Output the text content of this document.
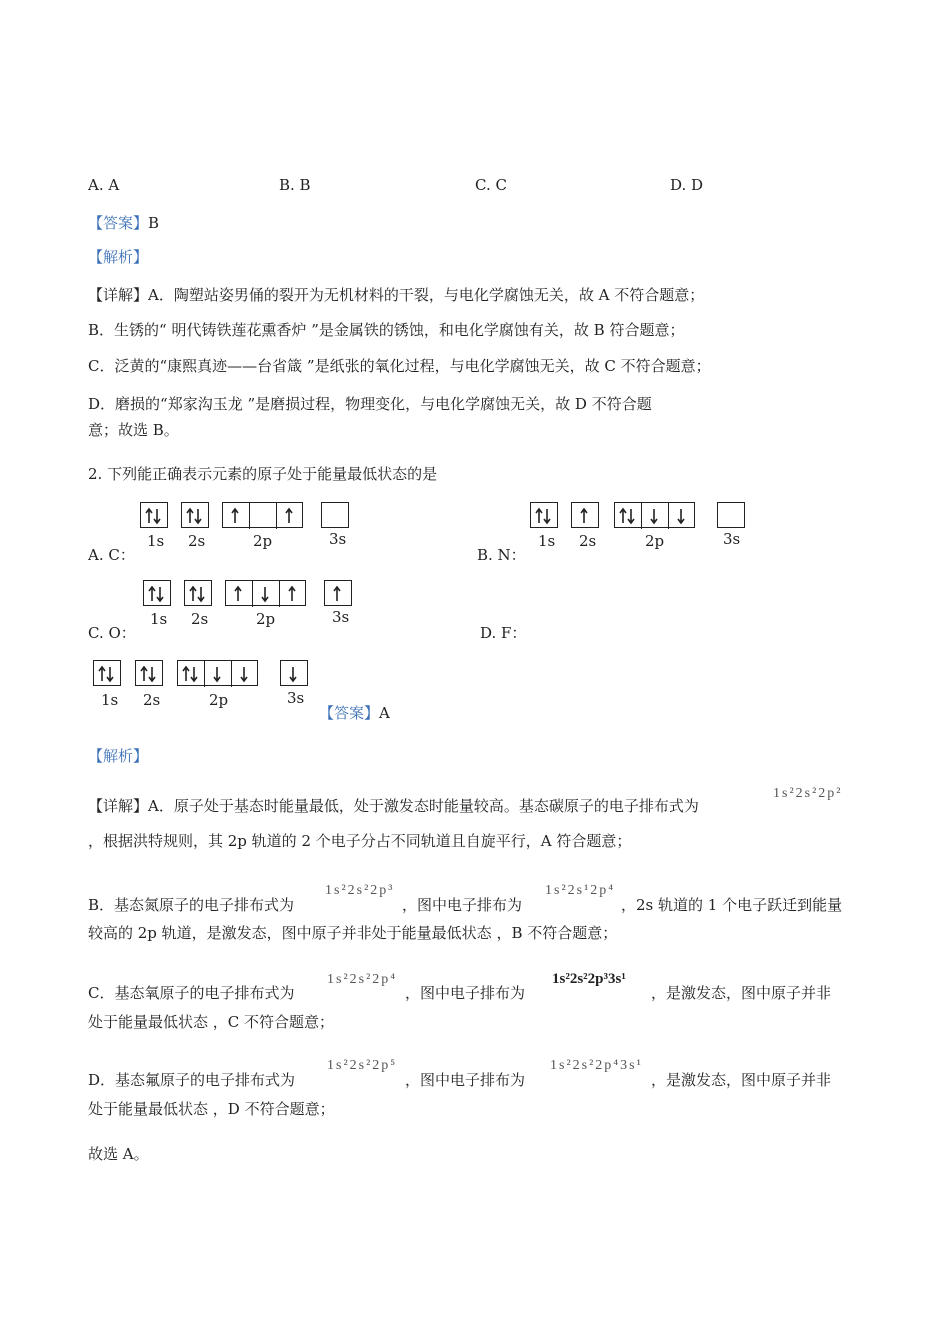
A. A	B. B	C. C	D. D
【答案】B
【解析】
【详解】A．陶塑站姿男俑的裂开为无机材料的干裂，与电化学腐蚀无关，故 A 不符合题意；
B．生锈的“ 明代铸铁莲花熏香炉 ”是金属铁的锈蚀，和电化学腐蚀有关，故 B 符合题意；
C．泛黄的“康熙真迹——台省箴 ”是纸张的氧化过程，与电化学腐蚀无关，故 C 不符合题意；
D．磨损的“郑家沟玉龙 ”是磨损过程，物理变化，与电化学腐蚀无关，故 D 不符合题
意；故选 B。
2. 下列能正确表示元素的原子处于能量最低状态的是
1s 2s	2p	3s
A. C：
1s 2s	2p	3s
B. N：
1s 2s	2p	3s
C. O：	D. F：
1s 2s	2p	3s
【答案】A
【解析】
【详解】A．原子处于基态时能量最低，处于激发态时能量较高。基态碳原子的电子排布式为
1s²2s²2p²
，根据洪特规则，其 2p 轨道的 2 个电子分占不同轨道且自旋平行，A 符合题意；
B．基态氮原子的电子排布式为
1s²2s²2p³
，图中电子排布为
1s²2s¹2p⁴
，2s 轨道的 1 个电子跃迁到能量
较高的 2p 轨道，是激发态，图中原子并非处于能量最低状态 ，B 不符合题意；
C．基态氧原子的电子排布式为
1s²2s²2p⁴
，图中电子排布为
1s²2s²2p³3s¹
，是激发态，图中原子并非
处于能量最低状态 ，C 不符合题意；
D．基态氟原子的电子排布式为
1s²2s²2p⁵
，图中电子排布为
1s²2s²2p⁴3s¹
，是激发态，图中原子并非
处于能量最低状态 ，D 不符合题意；
故选 A。
